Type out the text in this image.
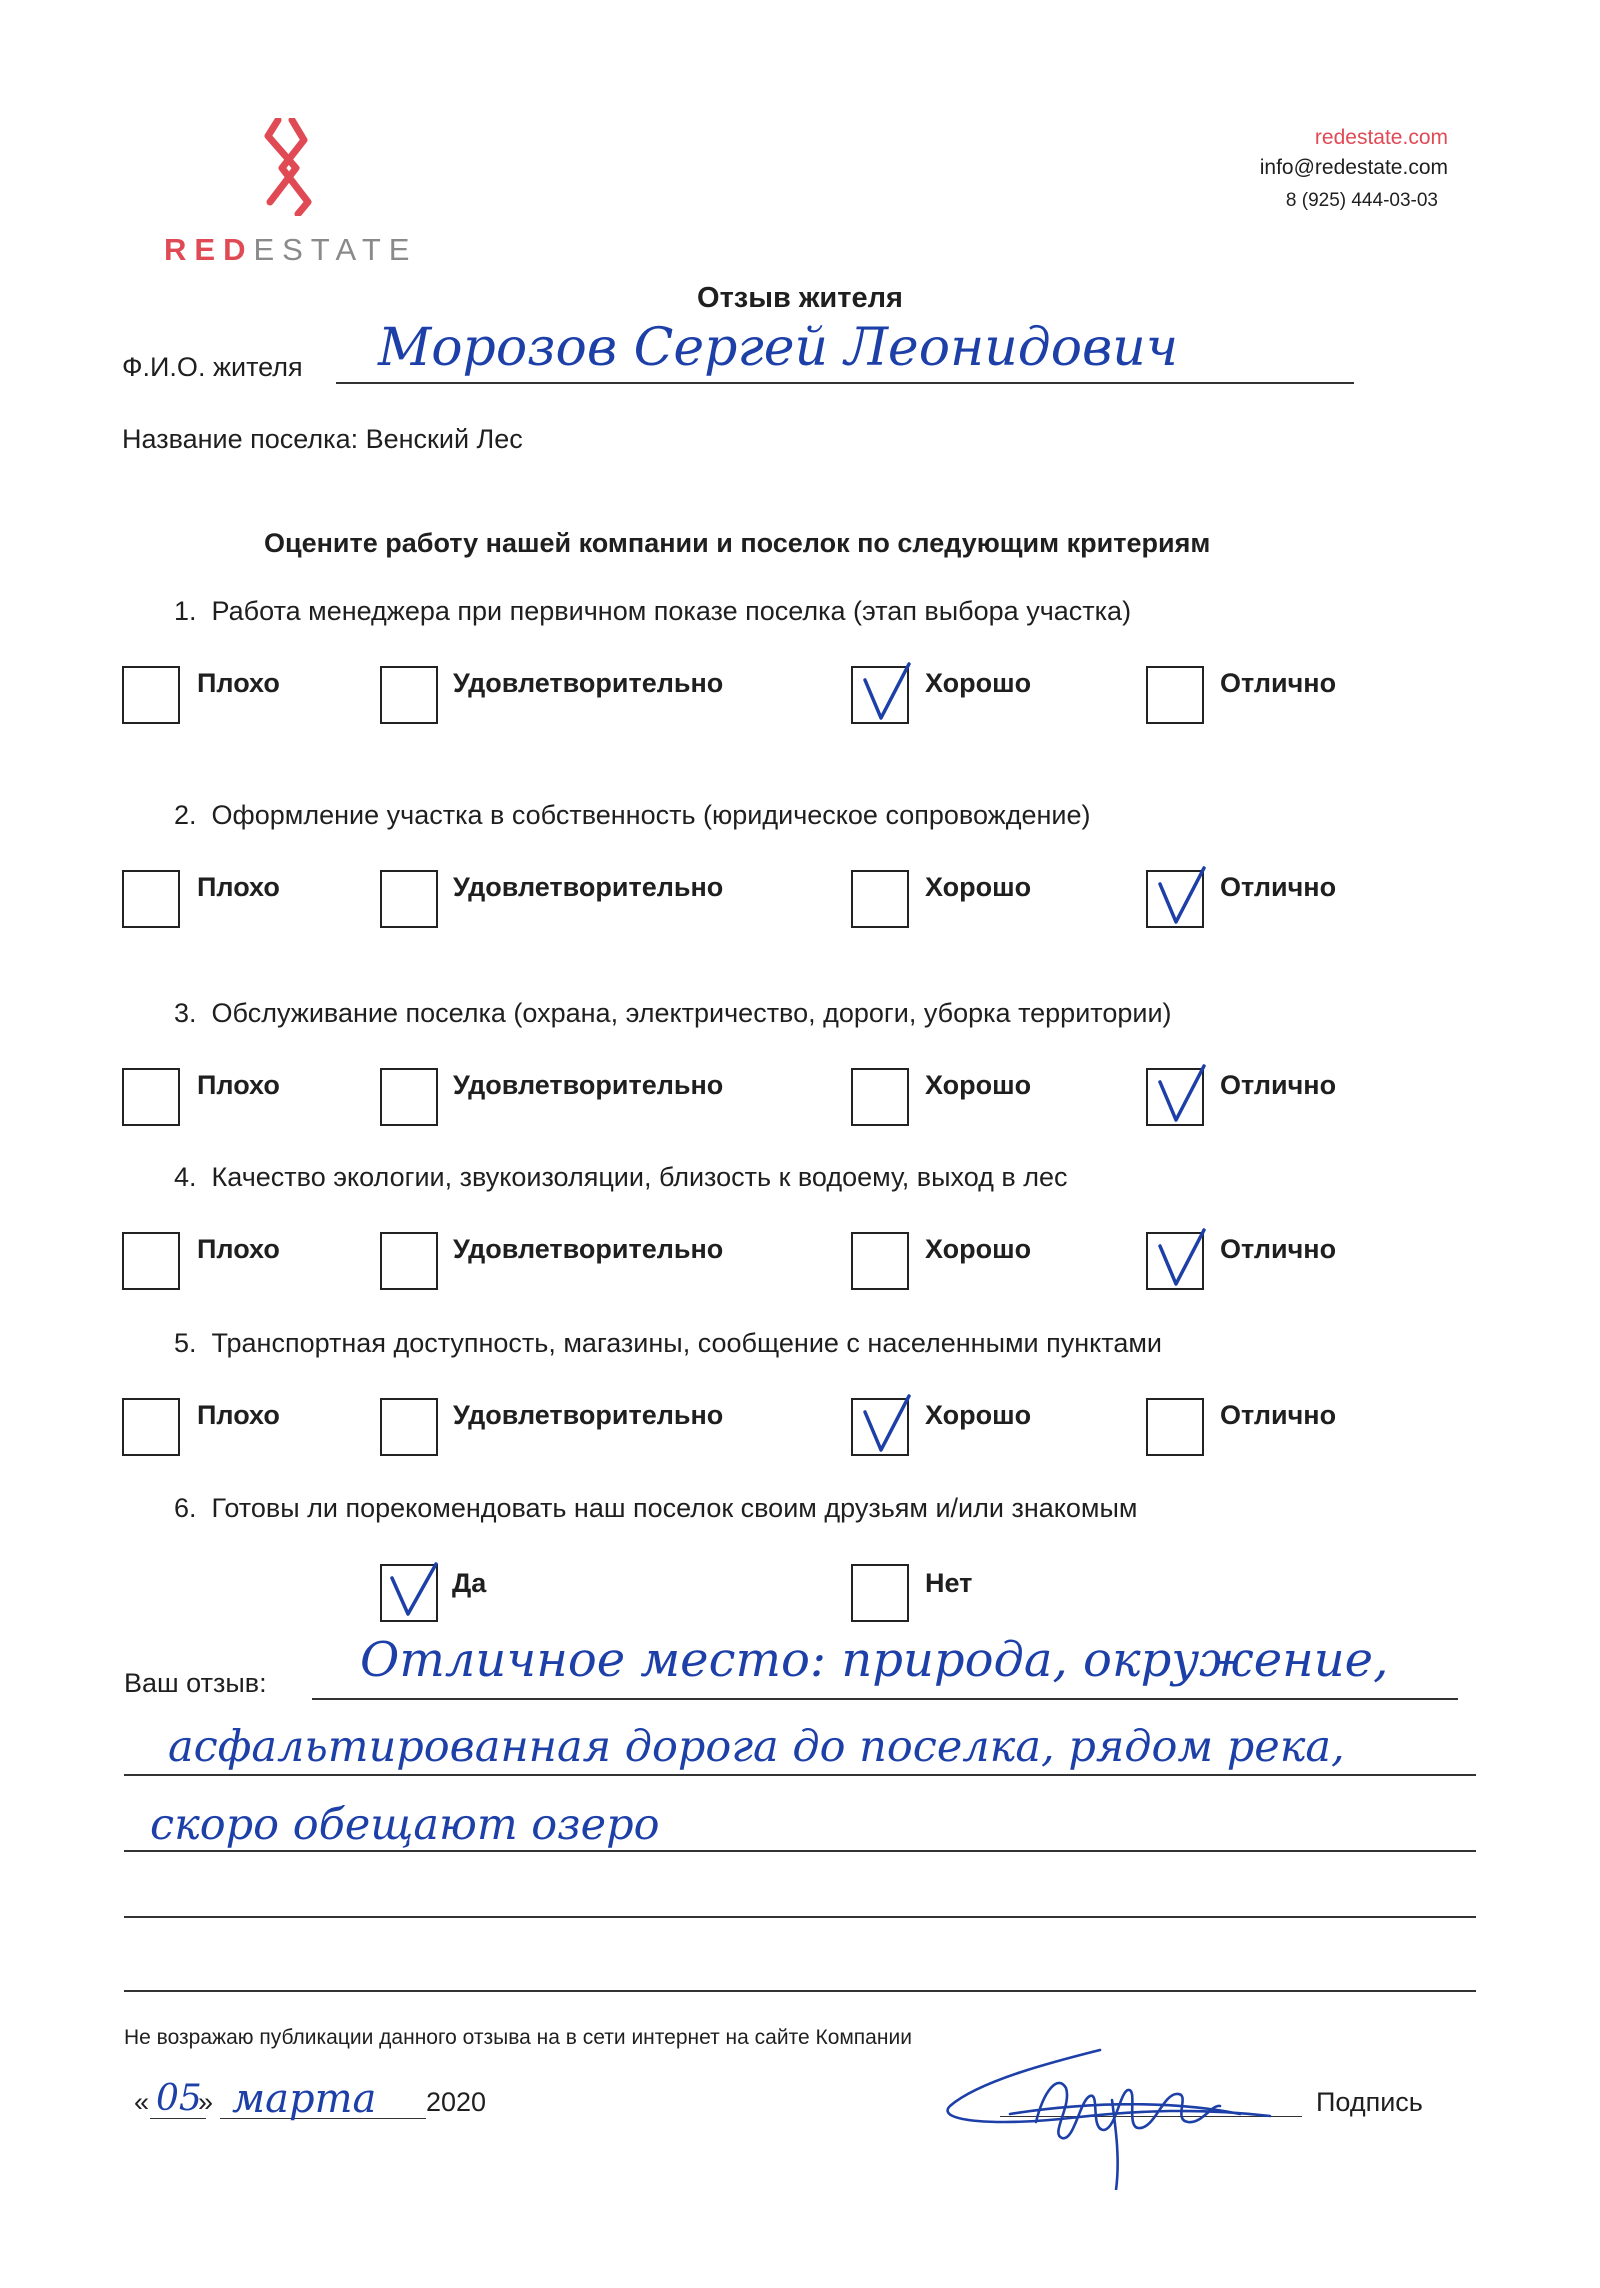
REDESTATE
redestate.com
info@redestate.com
8 (925) 444-03-03
Отзыв жителя
Ф.И.О. жителя Морозов Сергей Леонидович
Название поселка: Венский Лес
Оцените работу нашей компании и поселок по следующим критериям
1. Работа менеджера при первичном показе поселка (этап выбора участка)
Плохо	Удовлетворительно	Хорошо	Отлично
2. Оформление участка в собственность (юридическое сопровождение)
Плохо	Удовлетворительно	Хорошо	Отлично
3. Обслуживание поселка (охрана, электричество, дороги, уборка территории)
Плохо	Удовлетворительно	Хорошо	Отлично
4. Качество экологии, звукоизоляции, близость к водоему, выход в лес
Плохо	Удовлетворительно	Хорошо	Отлично
5. Транспортная доступность, магазины, сообщение с населенными пунктами
Плохо	Удовлетворительно	Хорошо	Отлично
6. Готовы ли порекомендовать наш поселок своим друзьям и/или знакомым
Да	Нет
Ваш отзыв: Отличное место: природа, окружение,
асфальтированная дорога до поселка, рядом река,
скоро обещают озеро
Не возражаю публикации данного отзыва на в сети интернет на сайте Компании
« 05
» марта 2020	Подпись
